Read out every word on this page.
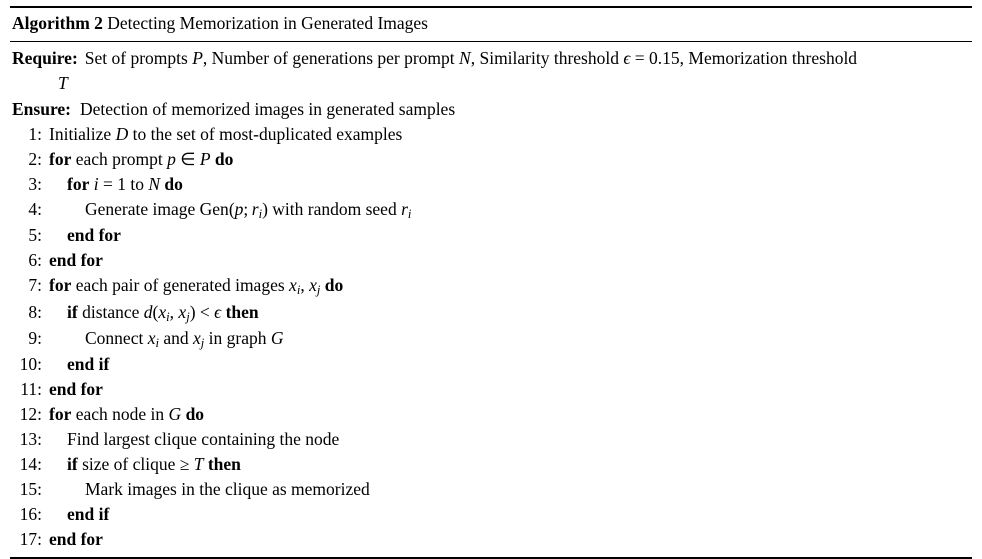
Algorithm 2 Detecting Memorization in Generated Images
Require: Set of prompts P, Number of generations per prompt N, Similarity threshold ϵ = 0.15, Memorization threshold
T
Ensure: Detection of memorized images in generated samples
1: Initialize D to the set of most-duplicated examples
2: for each prompt p ∈ P do
3:	for i = 1 to N do
4:	Generate image Gen(p; $r_i$) with random seed $r_i$
5:	end for
6: end for
7: for each pair of generated images $x_i$, $x_j$ do
8:	if distance $d(x_i$, $x_j) < \epsilon$ then
9:	Connect $x_i$ and $x_j$ in graph G
10:	end if
11: end for
12: for each node in G do
13:	Find largest clique containing the node
14:	if size of clique ≥ T then
15:	Mark images in the clique as memorized
16:	end if
17: end for
